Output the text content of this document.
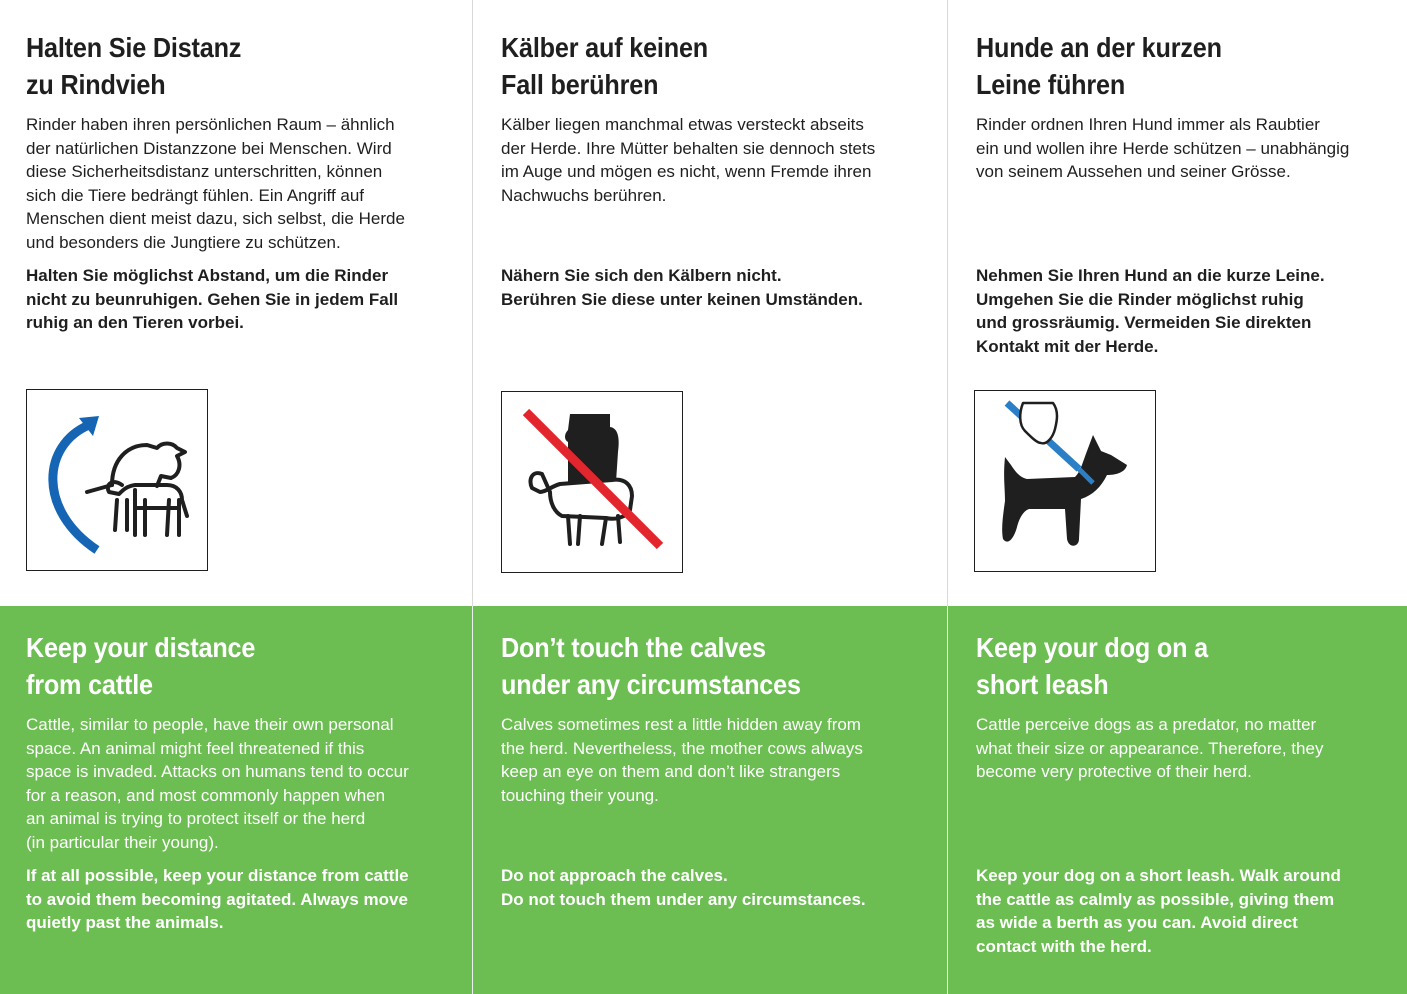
Halten Sie Distanz
zu Rindvieh

Rinder haben ihren persönlichen Raum – ähnlich
der natürlichen Distanzzone bei Menschen. Wird
diese Sicherheitsdistanz unterschritten, können
sich die Tiere bedrängt fühlen. Ein Angriff auf
Menschen dient meist dazu, sich selbst, die Herde
und besonders die Jungtiere zu schützen.

Halten Sie möglichst Abstand, um die Rinder
nicht zu beunruhigen. Gehen Sie in jedem Fall
ruhig an den Tieren vorbei.

Kälber auf keinen
Fall berühren

Kälber liegen manchmal etwas versteckt abseits
der Herde. Ihre Mütter behalten sie dennoch stets
im Auge und mögen es nicht, wenn Fremde ihren
Nachwuchs berühren.

Nähern Sie sich den Kälbern nicht.
Berühren Sie diese unter keinen Umständen.

Hunde an der kurzen
Leine führen

Rinder ordnen Ihren Hund immer als Raubtier
ein und wollen ihre Herde schützen – unabhängig
von seinem Aussehen und seiner Grösse.

Nehmen Sie Ihren Hund an die kurze Leine.
Umgehen Sie die Rinder möglichst ruhig
und grossräumig. Vermeiden Sie direkten
Kontakt mit der Herde.

Keep your distance
from cattle

Cattle, similar to people, have their own personal
space. An animal might feel threatened if this
space is invaded. Attacks on humans tend to occur
for a reason, and most commonly happen when
an animal is trying to protect itself or the herd
(in particular their young).

If at all possible, keep your distance from cattle
to avoid them becoming agitated. Always move
quietly past the animals.

Don’t touch the calves
under any circumstances

Calves sometimes rest a little hidden away from
the herd. Nevertheless, the mother cows always
keep an eye on them and don’t like strangers
touching their young.

Do not approach the calves.
Do not touch them under any circumstances.

Keep your dog on a
short leash

Cattle perceive dogs as a predator, no matter
what their size or appearance. Therefore, they
become very protective of their herd.

Keep your dog on a short leash. Walk around
the cattle as calmly as possible, giving them
as wide a berth as you can. Avoid direct
contact with the herd.
